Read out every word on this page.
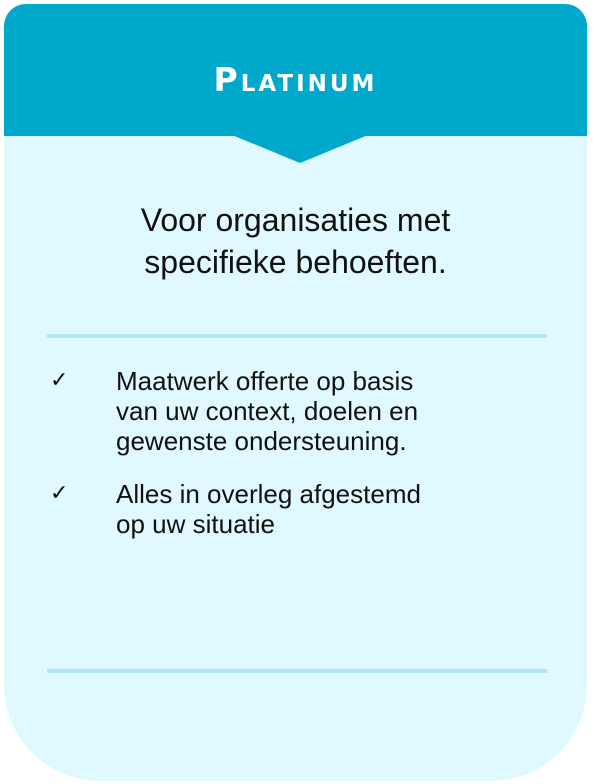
Platinum
Voor organisaties met
specifieke behoeften.
✓	Maatwerk offerte op basis
van uw context, doelen en
gewenste ondersteuning.
✓	Alles in overleg afgestemd
op uw situatie
